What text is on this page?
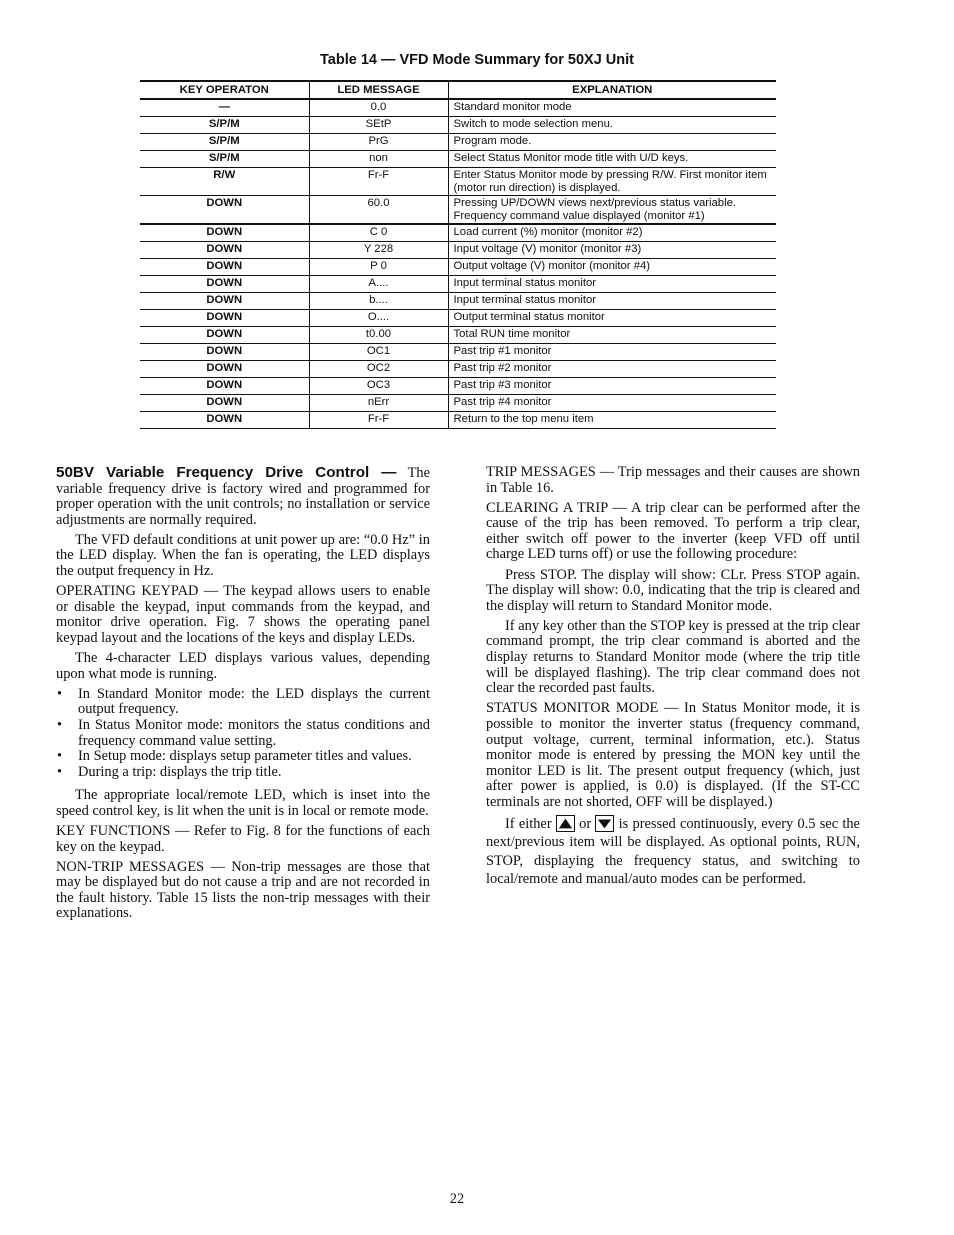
Table 14 — VFD Mode Summary for 50XJ Unit
KEY OPERATON	LED MESSAGE	EXPLANATION
—	0.0	Standard monitor mode
S/P/M	SEtP	Switch to mode selection menu.
S/P/M	PrG	Program mode.
S/P/M	non	Select Status Monitor mode title with U/D keys.
R/W	Fr-F	Enter Status Monitor mode by pressing R/W. First monitor item (motor run direction) is displayed.
DOWN	60.0	Pressing UP/DOWN views next/previous status variable. Frequency command value displayed (monitor #1)
DOWN	C 0	Load current (%) monitor (monitor #2)
DOWN	Y 228	Input voltage (V) monitor (monitor #3)
DOWN	P 0	Output voltage (V) monitor (monitor #4)
DOWN	A....	Input terminal status monitor
DOWN	b....	Input terminal status monitor
DOWN	O....	Output terminal status monitor
DOWN	t0.00	Total RUN time monitor
DOWN	OC1	Past trip #1 monitor
DOWN	OC2	Past trip #2 monitor
DOWN	OC3	Past trip #3 monitor
DOWN	nErr	Past trip #4 monitor
DOWN	Fr-F	Return to the top menu item

50BV Variable Frequency Drive Control — The variable frequency drive is factory wired and programmed for proper operation with the unit controls; no installation or service adjustments are normally required.

The VFD default conditions at unit power up are: “0.0 Hz” in the LED display. When the fan is operating, the LED displays the output frequency in Hz.

OPERATING KEYPAD — The keypad allows users to enable or disable the keypad, input commands from the keypad, and monitor drive operation. Fig. 7 shows the operating panel keypad layout and the locations of the keys and display LEDs.

The 4-character LED displays various values, depending upon what mode is running.

• In Standard Monitor mode: the LED displays the current output frequency.
• In Status Monitor mode: monitors the status conditions and frequency command value setting.
• In Setup mode: displays setup parameter titles and values.
• During a trip: displays the trip title.

The appropriate local/remote LED, which is inset into the speed control key, is lit when the unit is in local or remote mode.

KEY FUNCTIONS — Refer to Fig. 8 for the functions of each key on the keypad.

NON-TRIP MESSAGES — Non-trip messages are those that may be displayed but do not cause a trip and are not recorded in the fault history. Table 15 lists the non-trip messages with their explanations.

TRIP MESSAGES — Trip messages and their causes are shown in Table 16.

CLEARING A TRIP — A trip clear can be performed after the cause of the trip has been removed. To perform a trip clear, either switch off power to the inverter (keep VFD off until charge LED turns off) or use the following procedure:

Press STOP. The display will show: CLr. Press STOP again. The display will show: 0.0, indicating that the trip is cleared and the display will return to Standard Monitor mode.

If any key other than the STOP key is pressed at the trip clear command prompt, the trip clear command is aborted and the display returns to Standard Monitor mode (where the trip title will be displayed flashing). The trip clear command does not clear the recorded past faults.

STATUS MONITOR MODE — In Status Monitor mode, it is possible to monitor the inverter status (frequency command, output voltage, current, terminal information, etc.). Status monitor mode is entered by pressing the MON key until the monitor LED is lit. The present output frequency (which, just after power is applied, is 0.0) is displayed. (If the ST-CC terminals are not shorted, OFF will be displayed.)

If either or is pressed continuously, every 0.5 sec the next/previous item will be displayed. As optional points, RUN, STOP, displaying the frequency status, and switching to local/remote and manual/auto modes can be performed.

22
